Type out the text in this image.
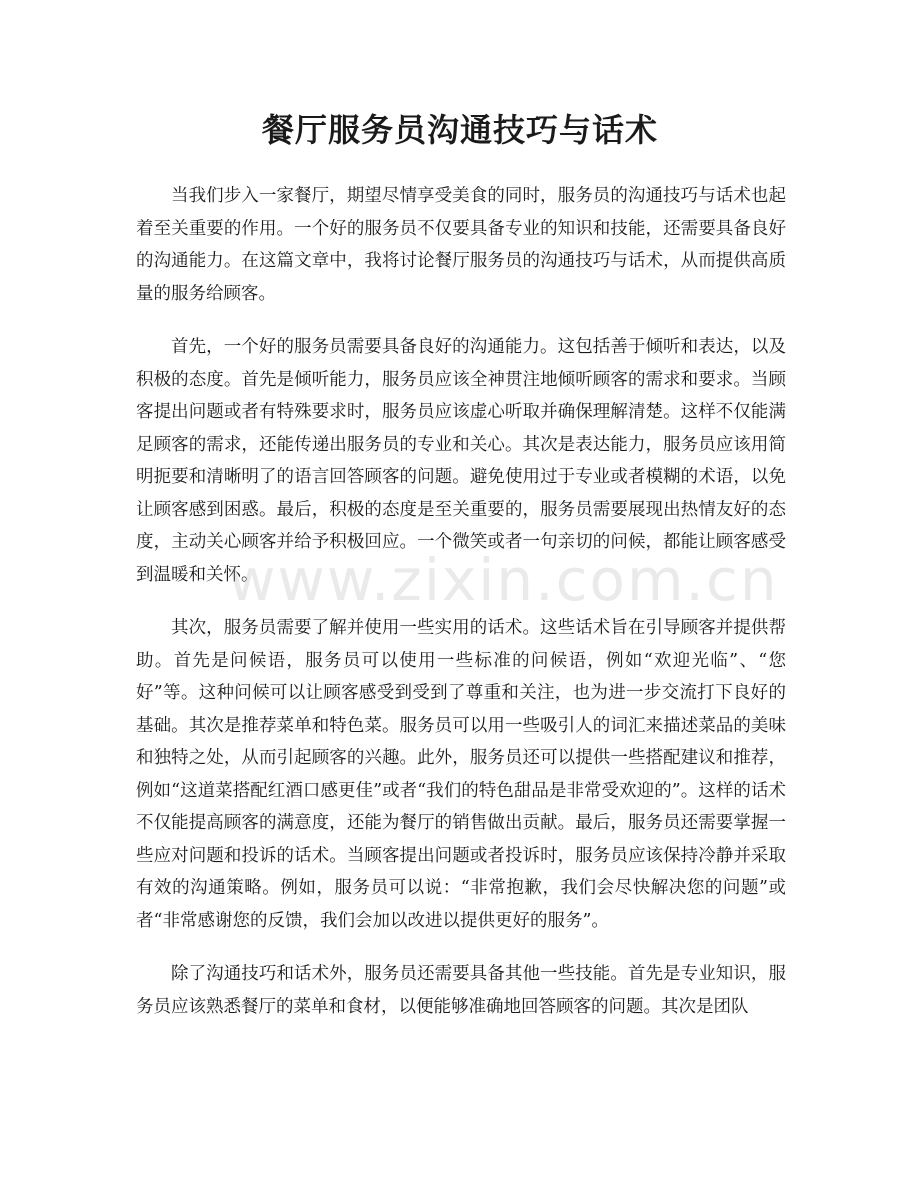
餐厅服务员沟通技巧与话术

当我们步入一家餐厅，期望尽情享受美食的同时，服务员的沟通技巧与话术也起着至关重要的作用。一个好的服务员不仅要具备专业的知识和技能，还需要具备良好的沟通能力。在这篇文章中，我将讨论餐厅服务员的沟通技巧与话术，从而提供高质量的服务给顾客。

首先，一个好的服务员需要具备良好的沟通能力。这包括善于倾听和表达，以及积极的态度。首先是倾听能力，服务员应该全神贯注地倾听顾客的需求和要求。当顾客提出问题或者有特殊要求时，服务员应该虚心听取并确保理解清楚。这样不仅能满足顾客的需求，还能传递出服务员的专业和关心。其次是表达能力，服务员应该用简明扼要和清晰明了的语言回答顾客的问题。避免使用过于专业或者模糊的术语，以免让顾客感到困惑。最后，积极的态度是至关重要的，服务员需要展现出热情友好的态度，主动关心顾客并给予积极回应。一个微笑或者一句亲切的问候，都能让顾客感受到温暖和关怀。

其次，服务员需要了解并使用一些实用的话术。这些话术旨在引导顾客并提供帮助。首先是问候语，服务员可以使用一些标准的问候语，例如“欢迎光临”、“您好”等。这种问候可以让顾客感受到受到了尊重和关注，也为进一步交流打下良好的基础。其次是推荐菜单和特色菜。服务员可以用一些吸引人的词汇来描述菜品的美味和独特之处，从而引起顾客的兴趣。此外，服务员还可以提供一些搭配建议和推荐，例如“这道菜搭配红酒口感更佳”或者“我们的特色甜品是非常受欢迎的”。这样的话术不仅能提高顾客的满意度，还能为餐厅的销售做出贡献。最后，服务员还需要掌握一些应对问题和投诉的话术。当顾客提出问题或者投诉时，服务员应该保持冷静并采取有效的沟通策略。例如，服务员可以说：“非常抱歉，我们会尽快解决您的问题”或者“非常感谢您的反馈，我们会加以改进以提供更好的服务”。

除了沟通技巧和话术外，服务员还需要具备其他一些技能。首先是专业知识，服务员应该熟悉餐厅的菜单和食材，以便能够准确地回答顾客的问题。其次是团队

www.zixin.com.cn
